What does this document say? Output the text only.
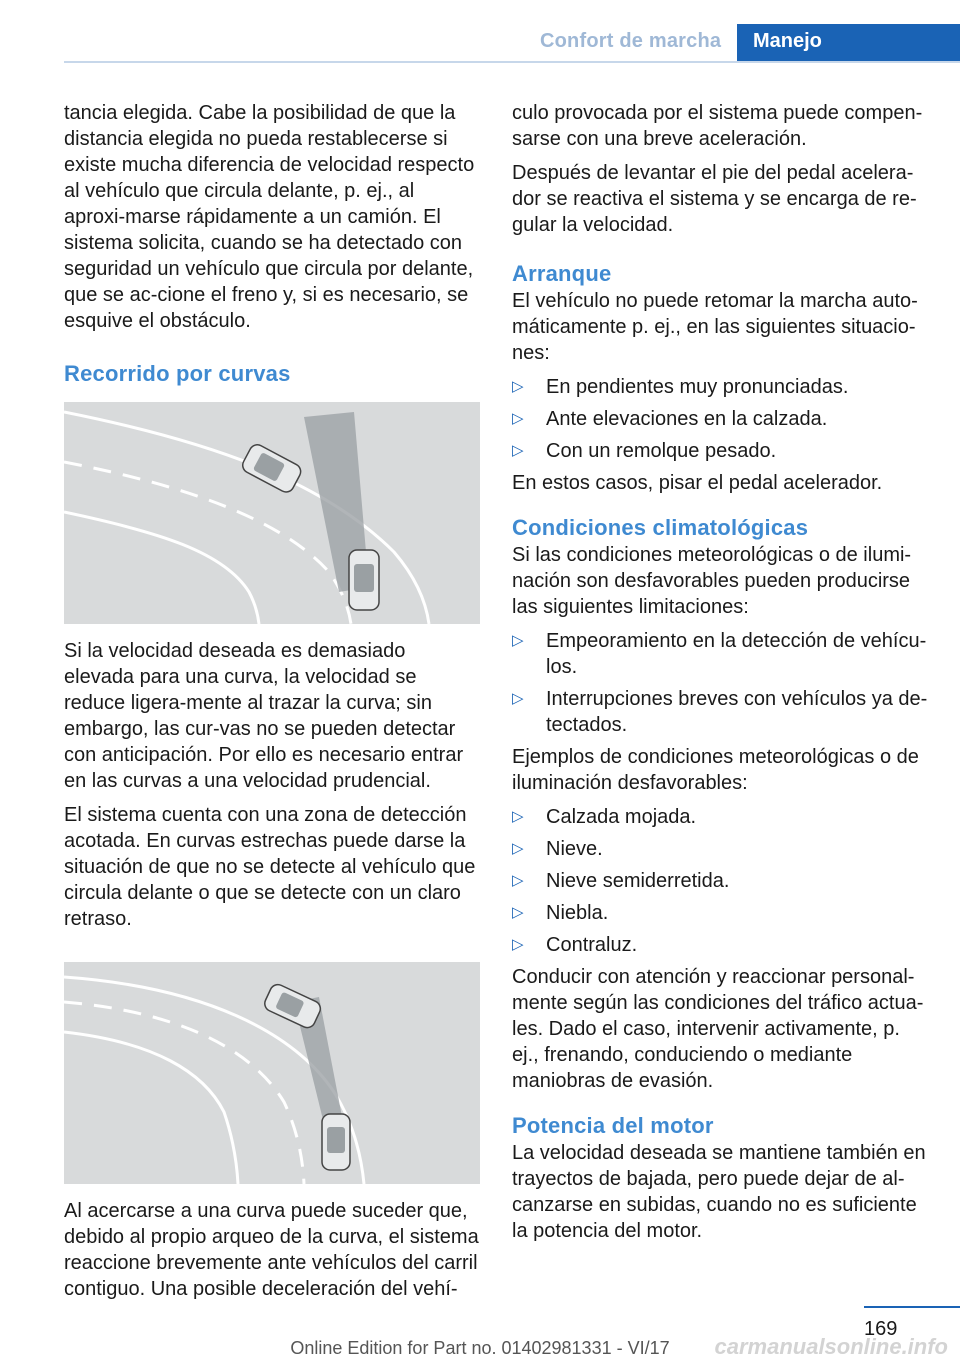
Confort de marcha	Manejo

tancia elegida. Cabe la posibilidad de que la distancia elegida no pueda restablecerse si existe mucha diferencia de velocidad respecto al vehículo que circula delante, p. ej., al aproxi‐marse rápidamente a un camión. El sistema solicita, cuando se ha detectado con seguridad un vehículo que circula por delante, que se ac‐cione el freno y, si es necesario, se esquive el obstáculo.

Recorrido por curvas

Si la velocidad deseada es demasiado elevada para una curva, la velocidad se reduce ligera‐mente al trazar la curva; sin embargo, las cur‐vas no se pueden detectar con anticipación. Por ello es necesario entrar en las curvas a una velocidad prudencial.

El sistema cuenta con una zona de detección acotada. En curvas estrechas puede darse la situación de que no se detecte al vehículo que circula delante o que se detecte con un claro retraso.

Al acercarse a una curva puede suceder que, debido al propio arqueo de la curva, el sistema reaccione brevemente ante vehículos del carril contiguo. Una posible deceleración del vehí‐

culo provocada por el sistema puede compen‐sarse con una breve aceleración.

Después de levantar el pie del pedal acelera‐dor se reactiva el sistema y se encarga de re‐gular la velocidad.

Arranque

El vehículo no puede retomar la marcha auto‐máticamente p. ej., en las siguientes situacio‐nes:

▷ En pendientes muy pronunciadas.
▷ Ante elevaciones en la calzada.
▷ Con un remolque pesado.

En estos casos, pisar el pedal acelerador.

Condiciones climatológicas

Si las condiciones meteorológicas o de ilumi‐nación son desfavorables pueden producirse las siguientes limitaciones:

▷ Empeoramiento en la detección de vehícu‐los.
▷ Interrupciones breves con vehículos ya de‐tectados.

Ejemplos de condiciones meteorológicas o de iluminación desfavorables:

▷ Calzada mojada.
▷ Nieve.
▷ Nieve semiderretida.
▷ Niebla.
▷ Contraluz.

Conducir con atención y reaccionar personal‐mente según las condiciones del tráfico actua‐les. Dado el caso, intervenir activamente, p. ej., frenando, conduciendo o mediante maniobras de evasión.

Potencia del motor

La velocidad deseada se mantiene también en trayectos de bajada, pero puede dejar de al‐canzarse en subidas, cuando no es suficiente la potencia del motor.

169
Online Edition for Part no. 01402981331 - VI/17	carmanualsonline.info
